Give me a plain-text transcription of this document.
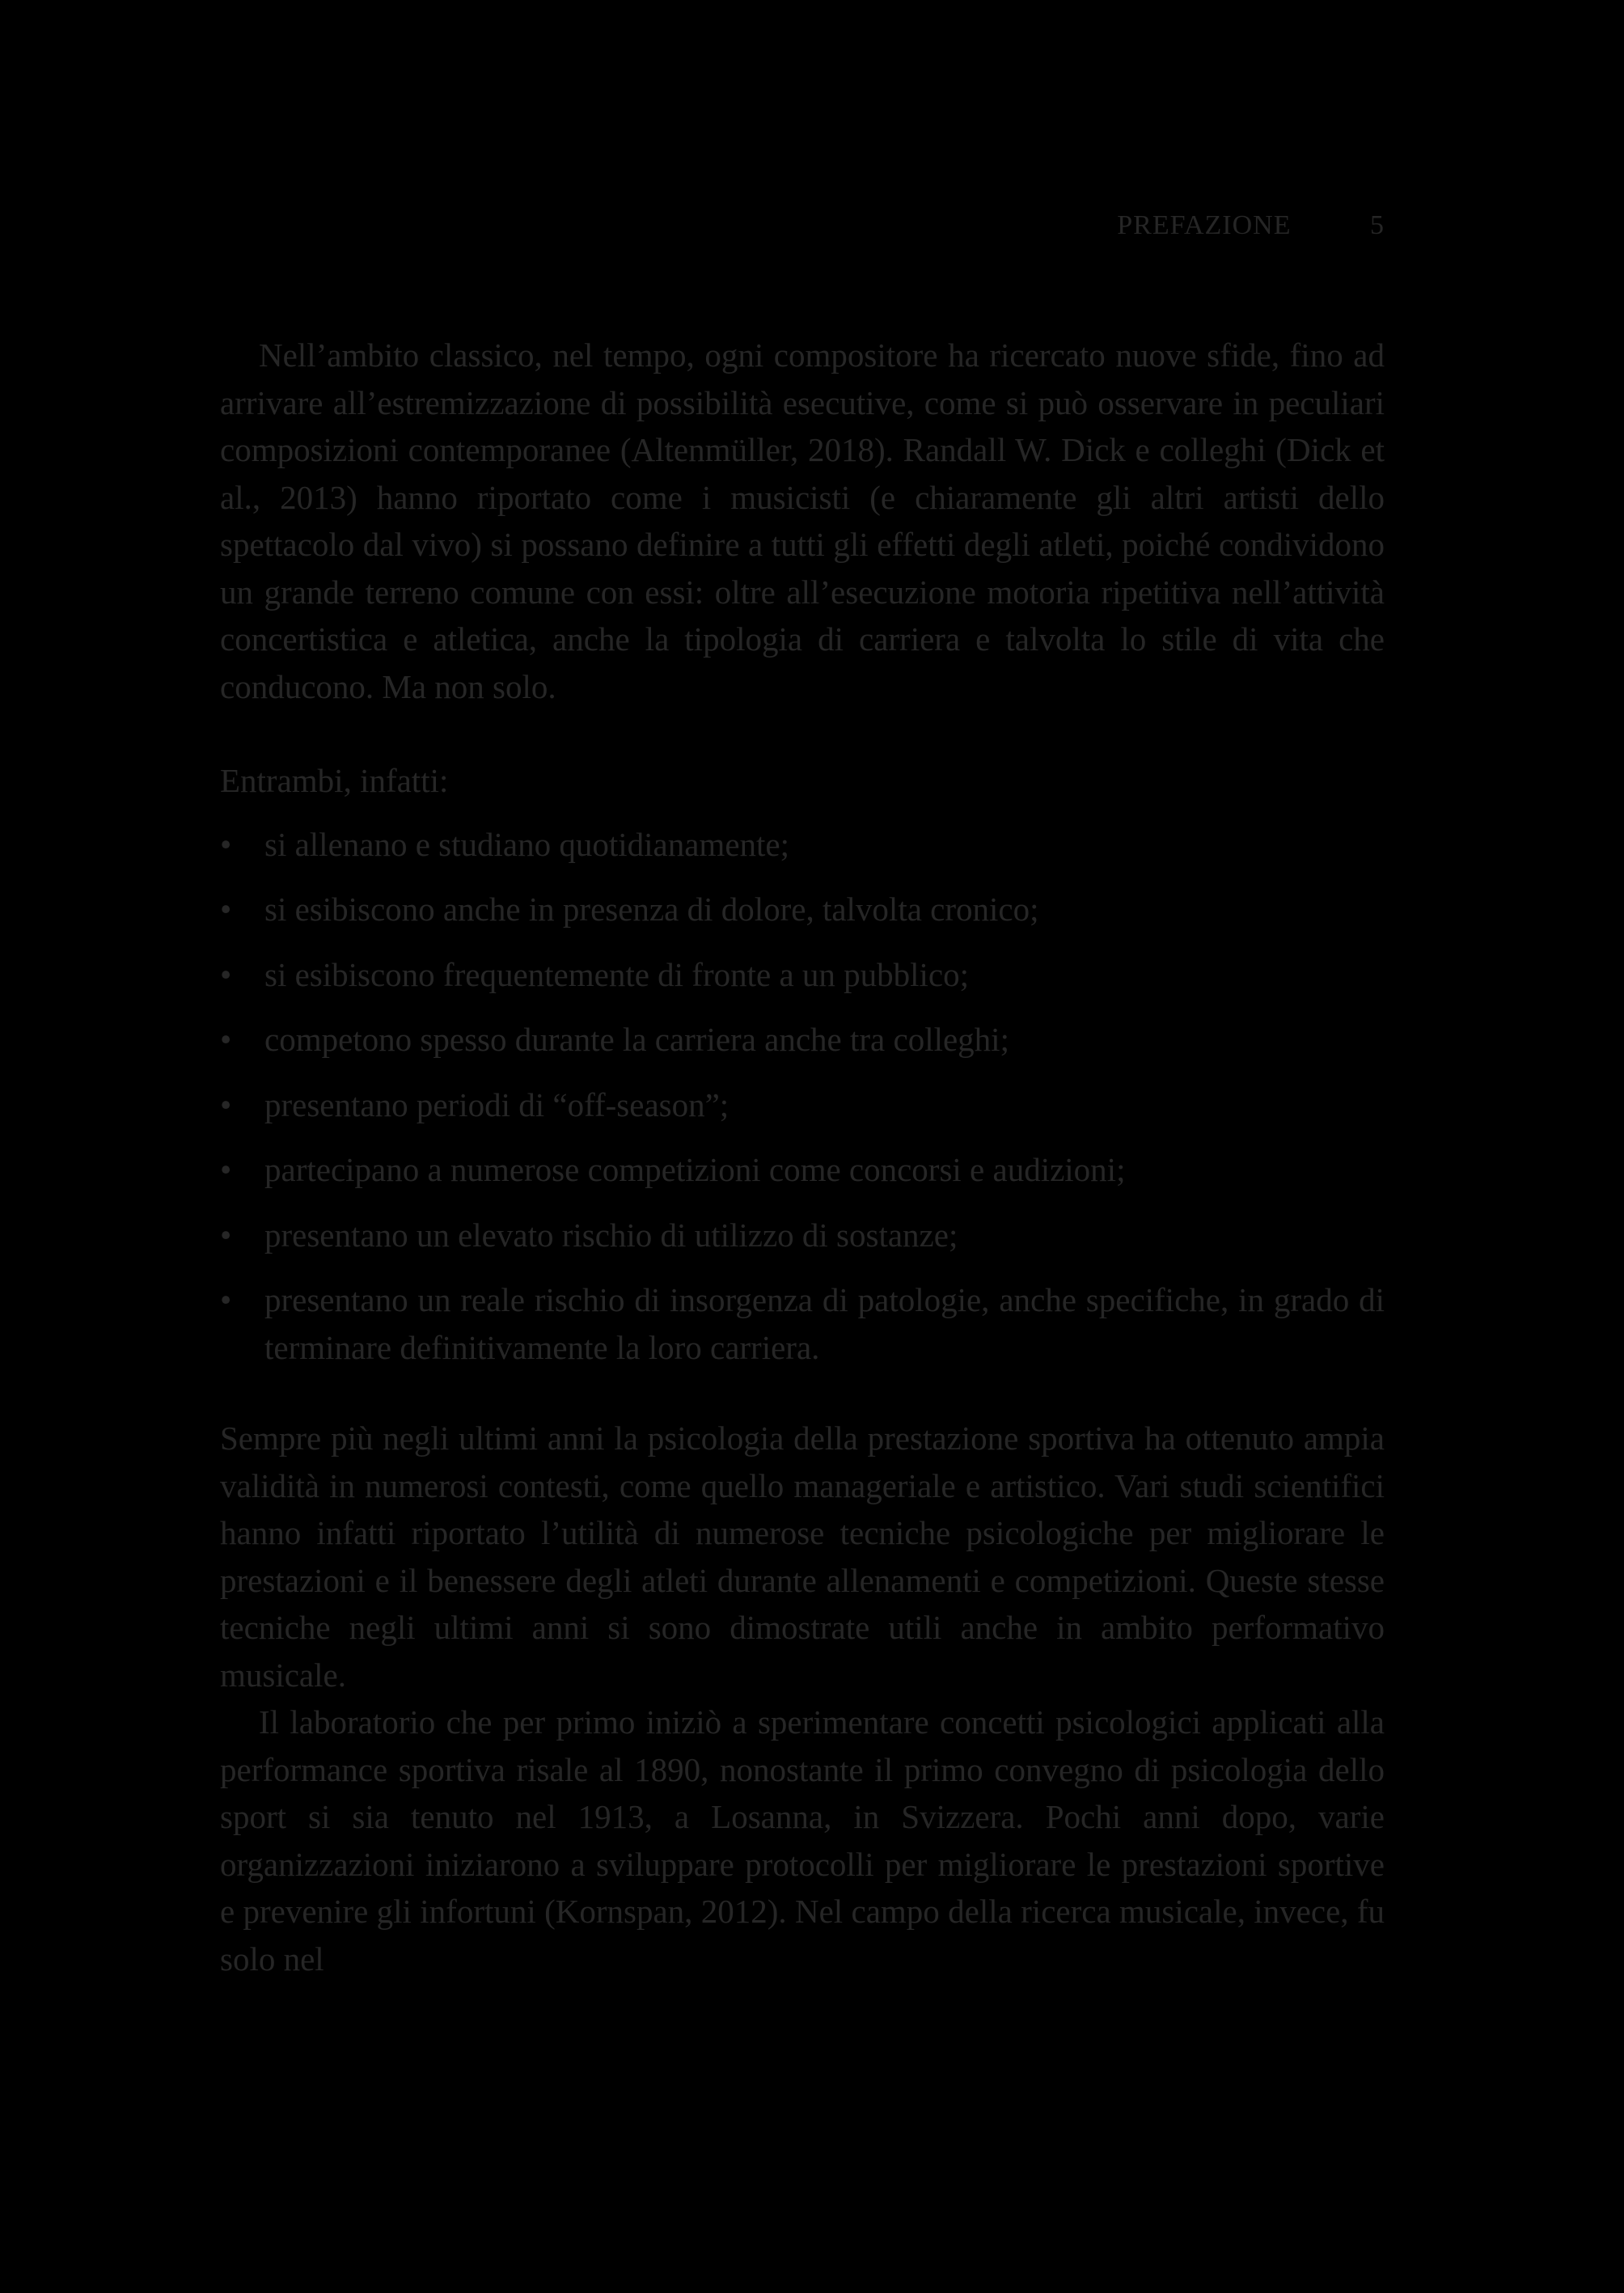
PREFAZIONE	5

Nell’ambito classico, nel tempo, ogni compositore ha ricercato nuove sfide, fino ad arrivare all’estremizzazione di possibilità esecutive, come si può osservare in peculiari composizioni contemporanee (Altenmüller, 2018). Randall W. Dick e colleghi (Dick et al., 2013) hanno riportato come i musicisti (e chiaramente gli altri artisti dello spettacolo dal vivo) si possano definire a tutti gli effetti degli atleti, poiché condividono un grande terreno comune con essi: oltre all’esecuzione motoria ripetitiva nell’attività concertistica e atletica, anche la tipologia di carriera e talvolta lo stile di vita che conducono. Ma non solo.

Entrambi, infatti:

• si allenano e studiano quotidianamente;
• si esibiscono anche in presenza di dolore, talvolta cronico;
• si esibiscono frequentemente di fronte a un pubblico;
• competono spesso durante la carriera anche tra colleghi;
• presentano periodi di “off-season”;
• partecipano a numerose competizioni come concorsi e audizioni;
• presentano un elevato rischio di utilizzo di sostanze;
• presentano un reale rischio di insorgenza di patologie, anche specifiche, in grado di terminare definitivamente la loro carriera.

Sempre più negli ultimi anni la psicologia della prestazione sportiva ha ottenuto ampia validità in numerosi contesti, come quello manageriale e artistico. Vari studi scientifici hanno infatti riportato l’utilità di numerose tecniche psicologiche per migliorare le prestazioni e il benessere degli atleti durante allenamenti e competizioni. Queste stesse tecniche negli ultimi anni si sono dimostrate utili anche in ambito performativo musicale.

Il laboratorio che per primo iniziò a sperimentare concetti psicologici applicati alla performance sportiva risale al 1890, nonostante il primo convegno di psicologia dello sport si sia tenuto nel 1913, a Losanna, in Svizzera. Pochi anni dopo, varie organizzazioni iniziarono a sviluppare protocolli per migliorare le prestazioni sportive e prevenire gli infortuni (Kornspan, 2012). Nel campo della ricerca musicale, invece, fu solo nel
